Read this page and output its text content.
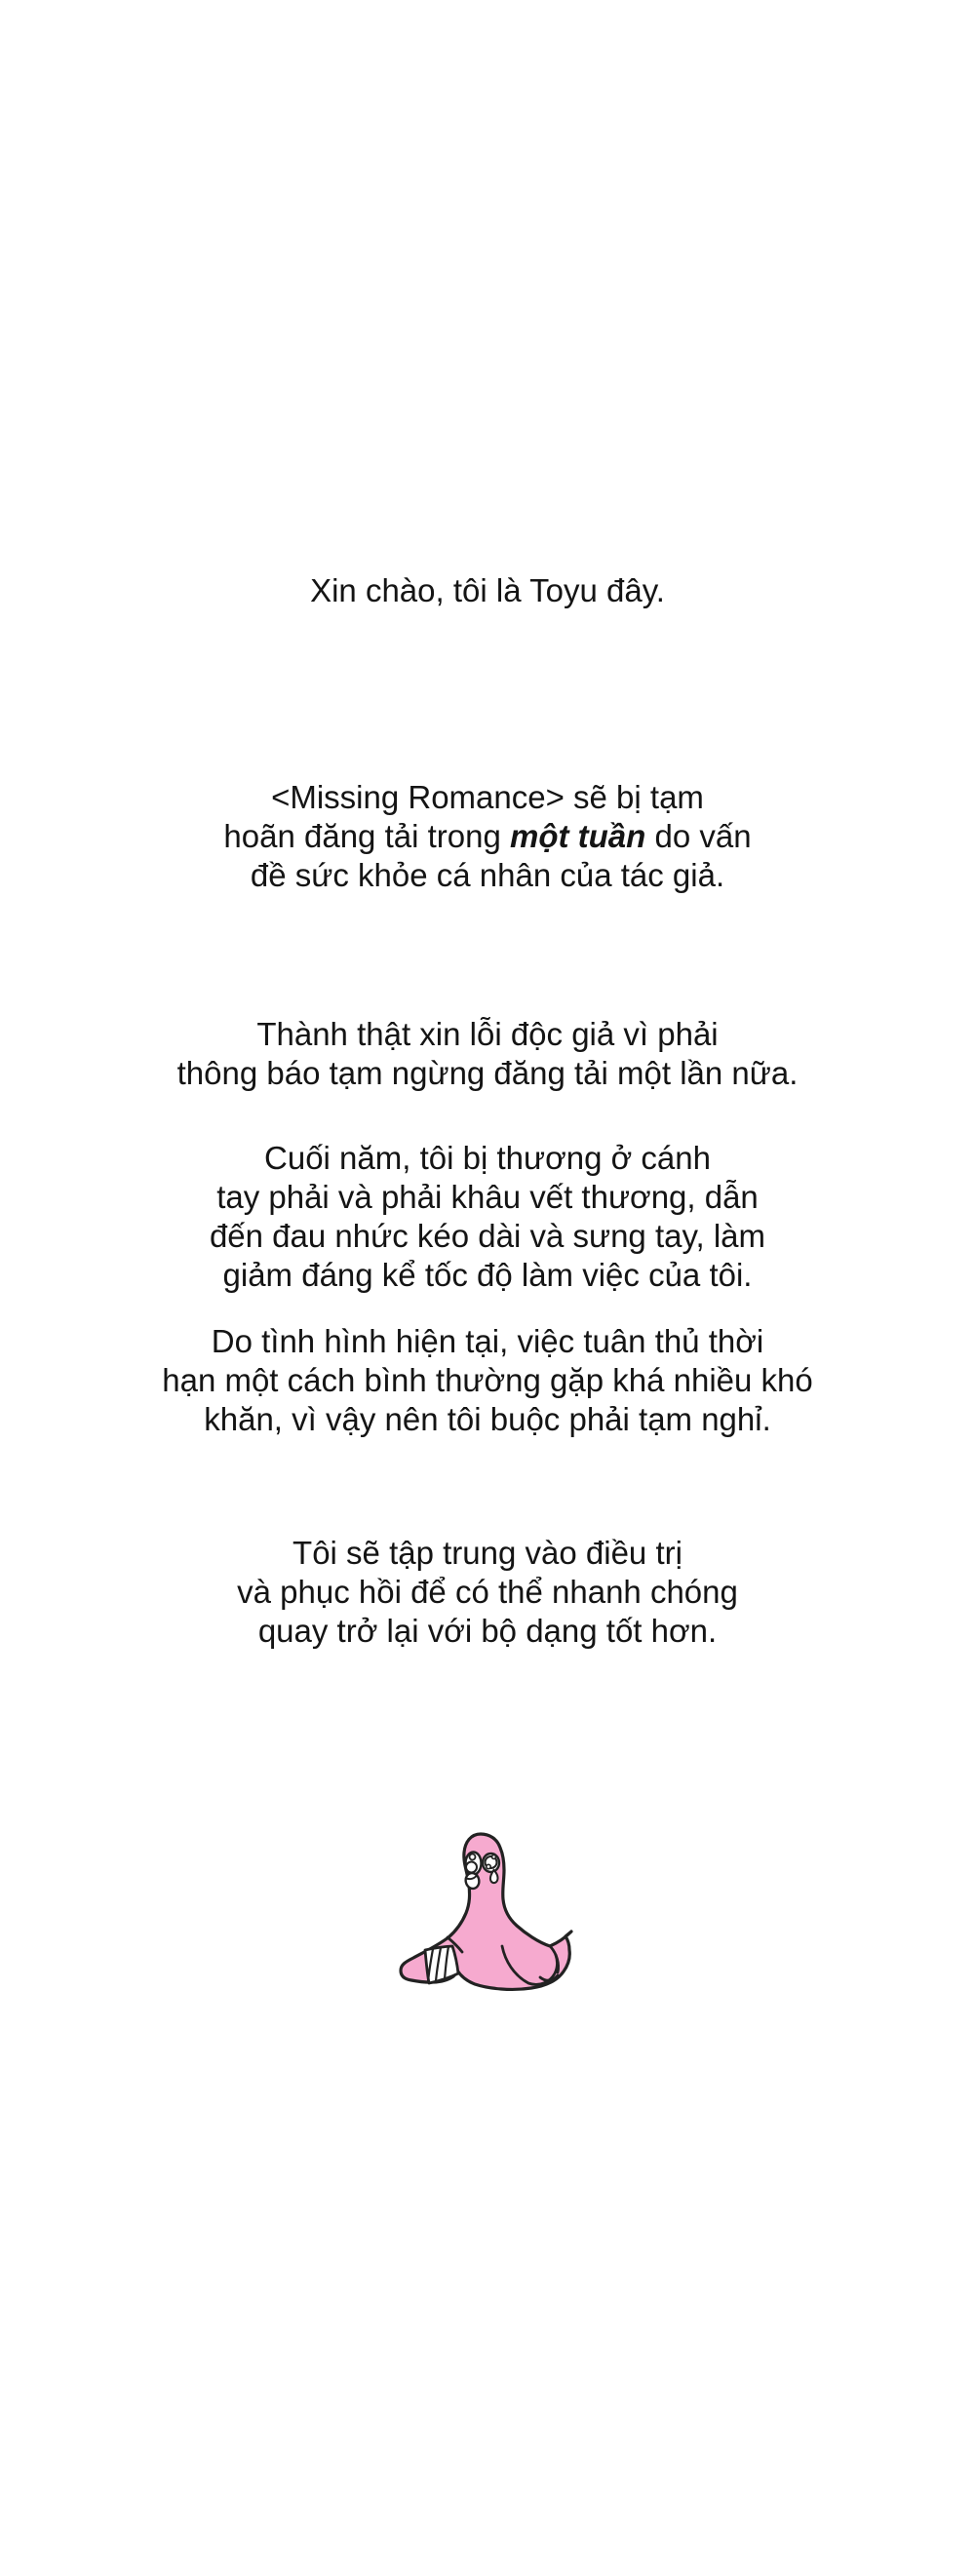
Xin chào, tôi là Toyu đây.

<Missing Romance> sẽ bị tạm
hoãn đăng tải trong một tuần do vấn
đề sức khỏe cá nhân của tác giả.

Thành thật xin lỗi độc giả vì phải
thông báo tạm ngừng đăng tải một lần nữa.

Cuối năm, tôi bị thương ở cánh
tay phải và phải khâu vết thương, dẫn
đến đau nhức kéo dài và sưng tay, làm
giảm đáng kể tốc độ làm việc của tôi.

Do tình hình hiện tại, việc tuân thủ thời
hạn một cách bình thường gặp khá nhiều khó
khăn, vì vậy nên tôi buộc phải tạm nghỉ.

Tôi sẽ tập trung vào điều trị
và phục hồi để có thể nhanh chóng
quay trở lại với bộ dạng tốt hơn.
